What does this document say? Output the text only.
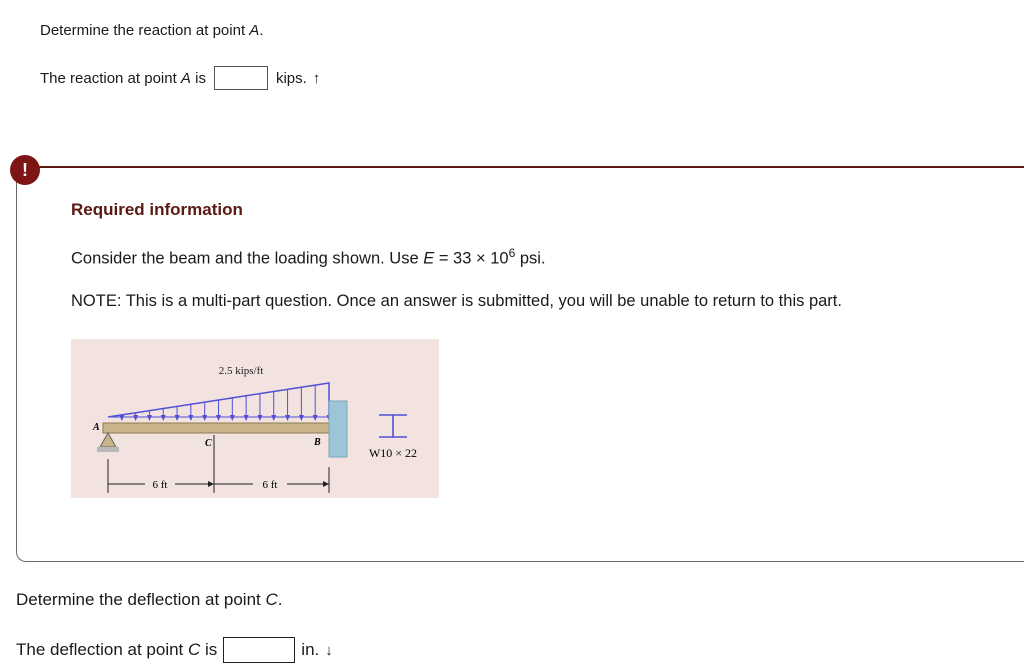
Determine the reaction at point A.
The reaction at point A is	kips. ↑
!
Required information
Consider the beam and the loading shown. Use $E = 33 \times 10^6$ psi.
NOTE: This is a multi-part question. Once an answer is submitted, you will be unable to return to this part.
2.5 kips/ft
A
C	B
6 ft	6 ft
W10 × 22
Determine the deflection at point C.
The deflection at point C is	in. ↓
